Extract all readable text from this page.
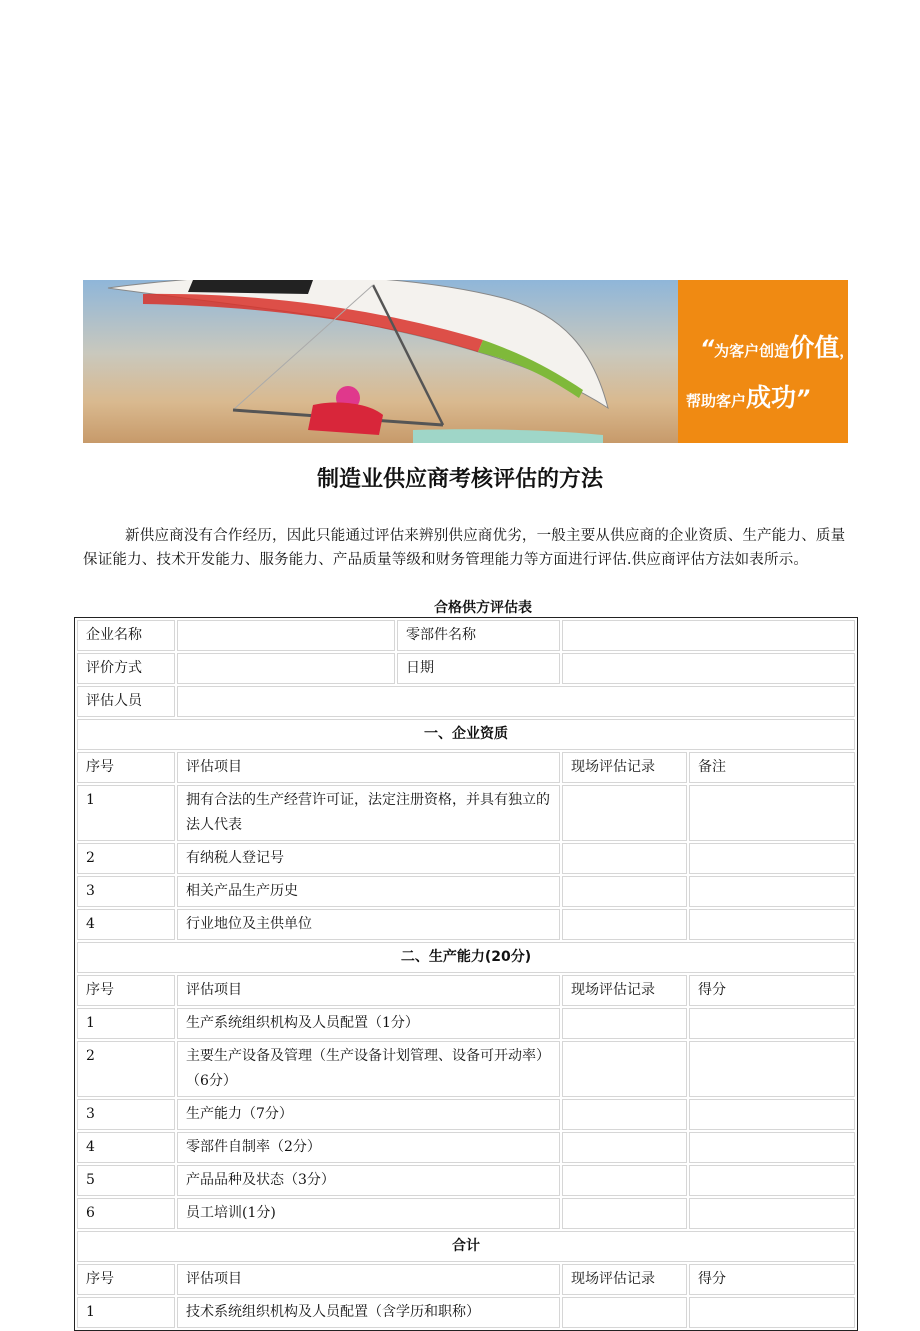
“为客户创造价值，
帮助客户成功”
制造业供应商考核评估的方法
新供应商没有合作经历，因此只能通过评估来辨别供应商优劣，一般主要从供应商的企业资质、生产能力、质量保证能力、技术开发能力、服务能力、产品质量等级和财务管理能力等方面进行评估.供应商评估方法如表所示。
合格供方评估表
企业名称		零部件名称		
评价方式		日期		
评估人员				
一、企业资质				
序号	评估项目		现场评估记录	备注
1	拥有合法的生产经营许可证，法定注册资格，并具有独立的法人代表			
2	有纳税人登记号			
3	相关产品生产历史			
4	行业地位及主供单位			
二、生产能力(20分)				
序号	评估项目		现场评估记录	得分
1	生产系统组织机构及人员配置（1分）			
2	主要生产设备及管理（生产设备计划管理、设备可开动率）（6分）			
3	生产能力（7分）			
4	零部件自制率（2分）			
5	产品品种及状态（3分）			
6	员工培训(1分)			
合计				
序号	评估项目		现场评估记录	得分
1	技术系统组织机构及人员配置（含学历和职称）			
